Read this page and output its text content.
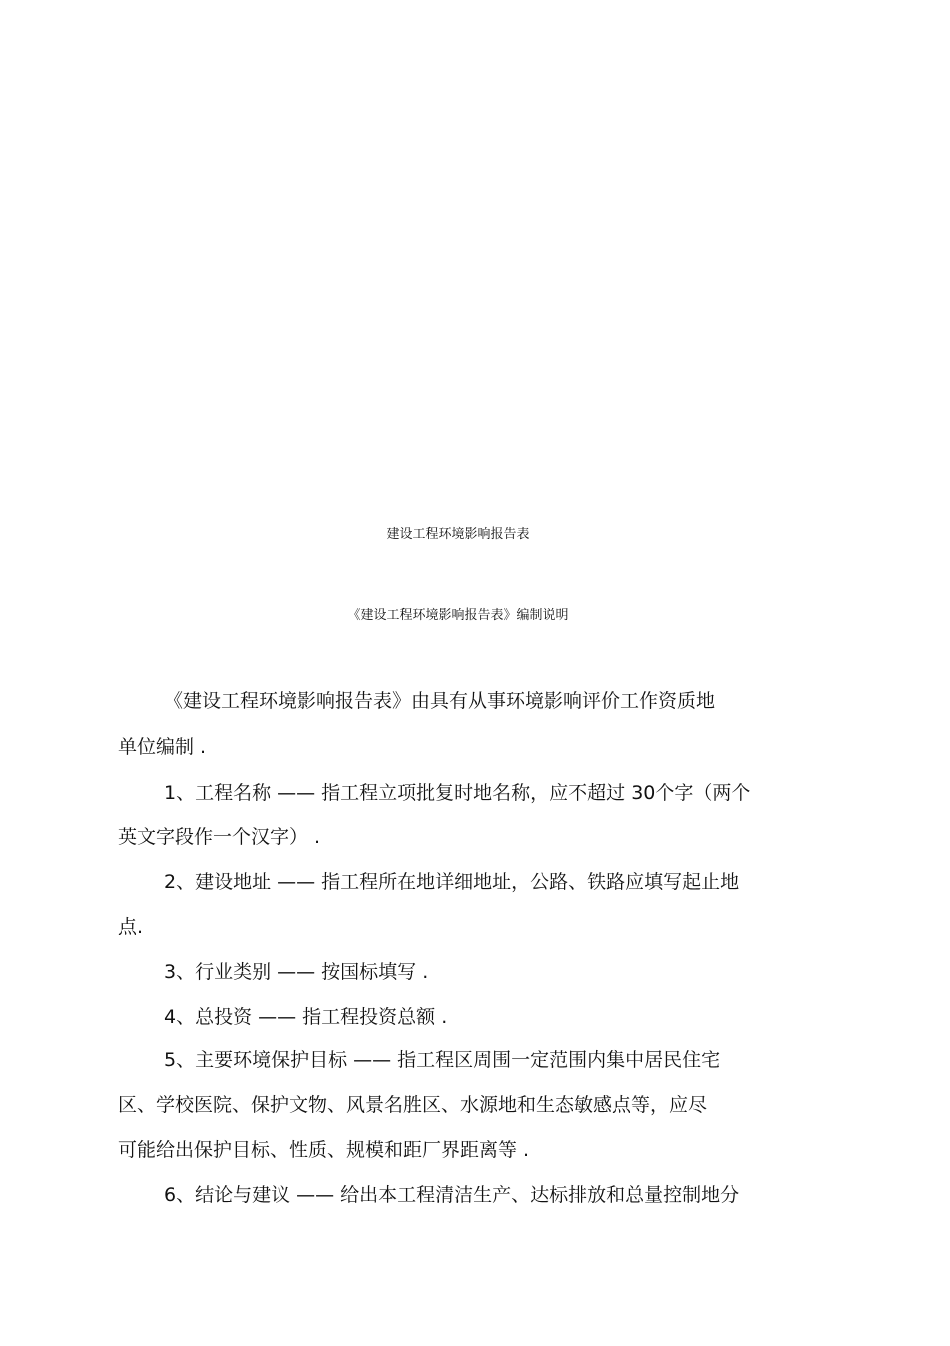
建设工程环境影响报告表
《建设工程环境影响报告表》编制说明
《建设工程环境影响报告表》由具有从事环境影响评价工作资质地
单位编制 .
1、工程名称 —— 指工程立项批复时地名称，应不超过 30个字（两个
英文字段作一个汉字） .
2、建设地址 —— 指工程所在地详细地址，公路、铁路应填写起止地
点.
3、行业类别 —— 按国标填写 .
4、总投资 —— 指工程投资总额 .
5、主要环境保护目标 —— 指工程区周围一定范围内集中居民住宅
区、学校医院、保护文物、风景名胜区、水源地和生态敏感点等，应尽
可能给出保护目标、性质、规模和距厂界距离等 .
6、结论与建议 —— 给出本工程清洁生产、达标排放和总量控制地分
